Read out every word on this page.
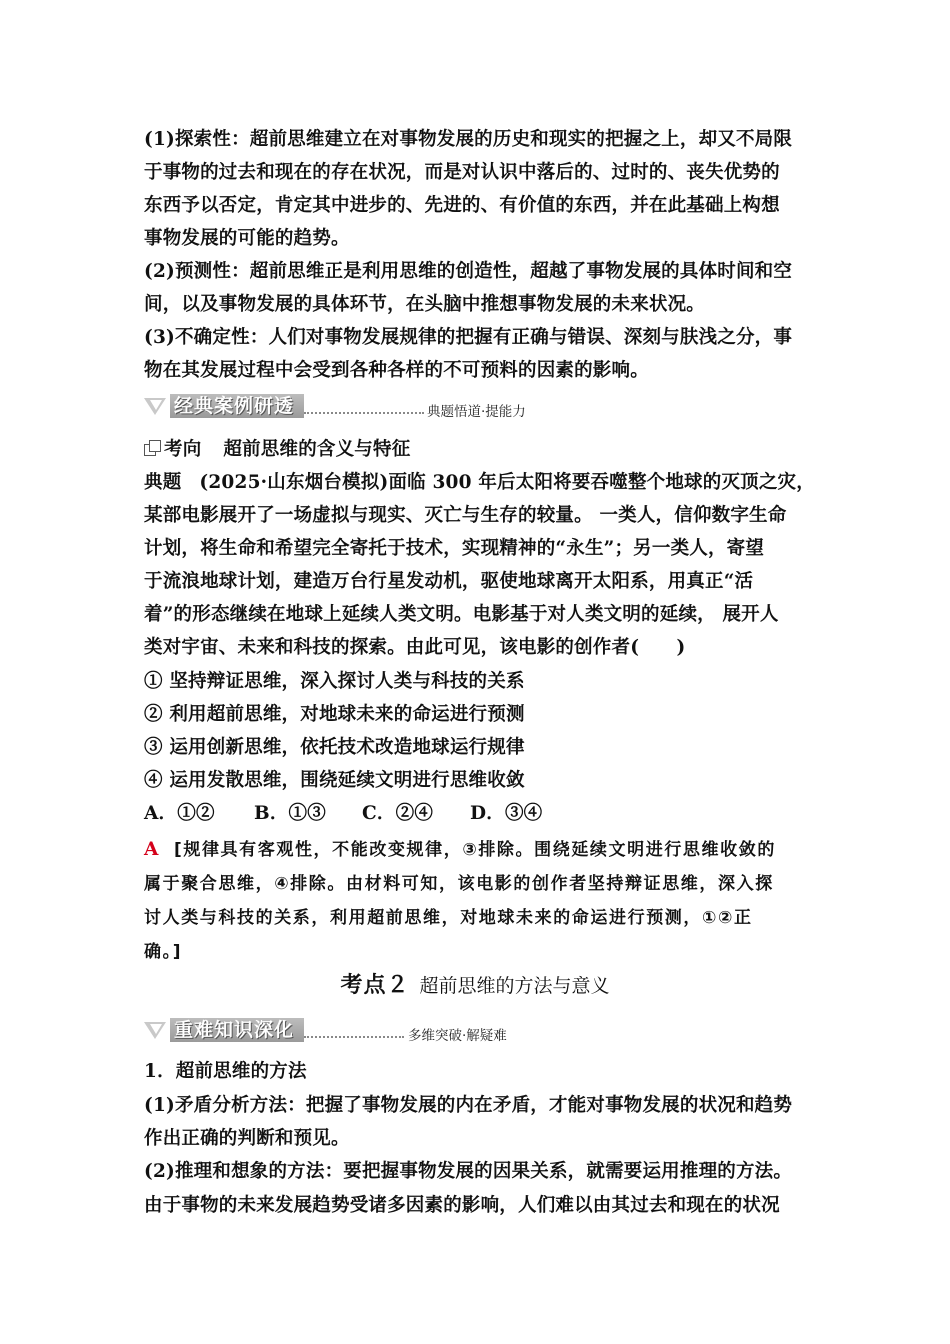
(1)探索性：超前思维建立在对事物发展的历史和现实的把握之上，却又不局限
于事物的过去和现在的存在状况，而是对认识中落后的、过时的、丧失优势的
东西予以否定，肯定其中进步的、先进的、有价值的东西，并在此基础上构想
事物发展的可能的趋势。
(2)预测性：超前思维正是利用思维的创造性，超越了事物发展的具体时间和空
间，以及事物发展的具体环节，在头脑中推想事物发展的未来状况。
(3)不确定性：人们对事物发展规律的把握有正确与错误、深刻与肤浅之分，事
物在其发展过程中会受到各种各样的不可预料的因素的影响。
经典案例研透	典题悟道·提能力
考向 超前思维的含义与特征
典题 (2025·山东烟台模拟)面临 300 年后太阳将要吞噬整个地球的灭顶之灾，
某部电影展开了一场虚拟与现实、灭亡与生存的较量。 一类人，信仰数字生命
计划，将生命和希望完全寄托于技术，实现精神的“永生”；另一类人，寄望
于流浪地球计划，建造万台行星发动机，驱使地球离开太阳系，用真正“活
着”的形态继续在地球上延续人类文明。电影基于对人类文明的延续， 展开人
类对宇宙、未来和科技的探索。由此可见，该电影的创作者(　　)
① 坚持辩证思维，深入探讨人类与科技的关系
② 利用超前思维，对地球未来的命运进行预测
③ 运用创新思维，依托技术改造地球运行规律
④ 运用发散思维，围绕延续文明进行思维收敛
A．①② B．①③ C．②④ D．③④
A [规律具有客观性，不能改变规律，③排除。围绕延续文明进行思维收敛的
属于聚合思维，④排除。由材料可知，该电影的创作者坚持辩证思维，深入探
讨人类与科技的关系，利用超前思维，对地球未来的命运进行预测，①②正
确。]
考点２ 超前思维的方法与意义
重难知识深化	多维突破·解疑难
1．超前思维的方法
(1)矛盾分析方法：把握了事物发展的内在矛盾，才能对事物发展的状况和趋势
作出正确的判断和预见。
(2)推理和想象的方法：要把握事物发展的因果关系，就需要运用推理的方法。
由于事物的未来发展趋势受诸多因素的影响，人们难以由其过去和现在的状况
